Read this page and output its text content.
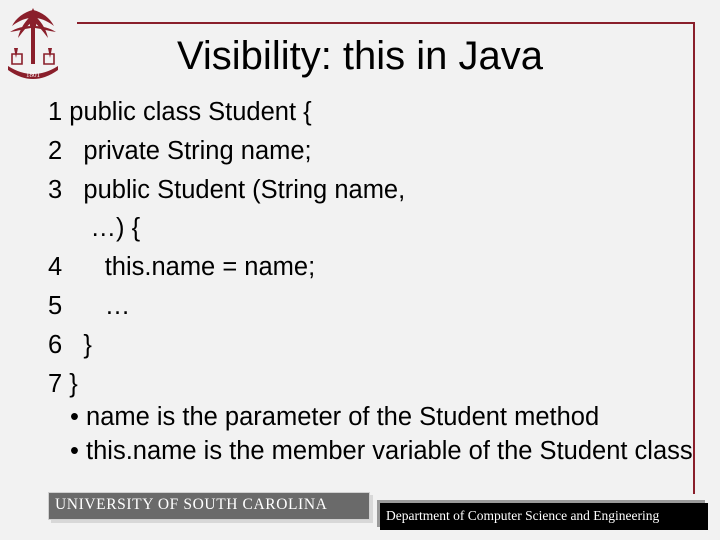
1801	Visibility: this in Java
1 public class Student {
2   private String name;
3   public Student (String name,
…) {
4      this.name = name;
5      …
6   }
7 }
• name is the parameter of the Student method
• this.name is the member variable of the Student class
UNIVERSITY OF SOUTH CAROLINA
Department of Computer Science and Engineering
